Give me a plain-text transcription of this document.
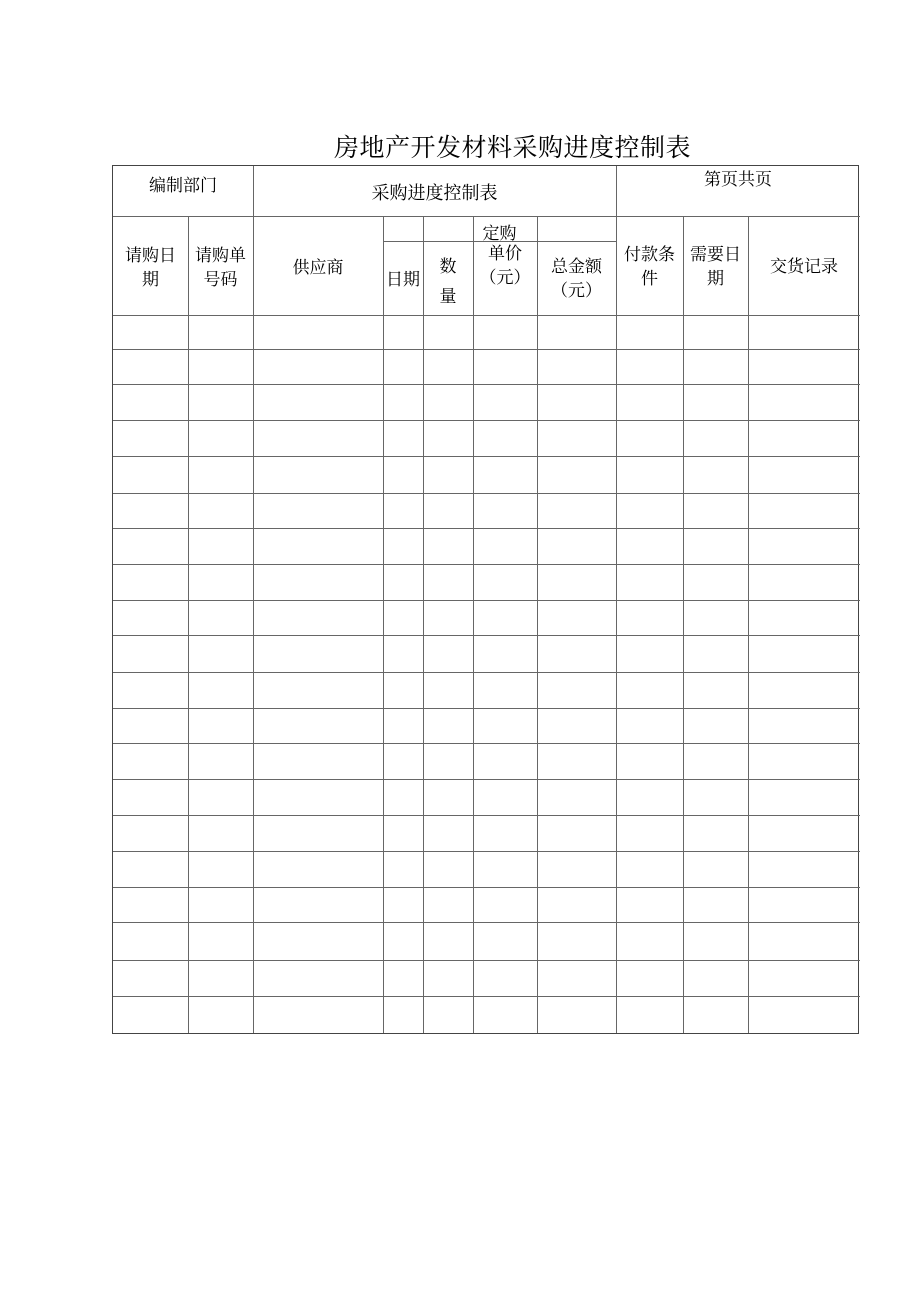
房地产开发材料采购进度控制表
编制部门	采购进度控制表
第页共页
请购日
期
请购单
号码
供应商
定购
日期
数
量
单价
（元）
总金额
（元）
付款条
件
需要日
期
交货记录
